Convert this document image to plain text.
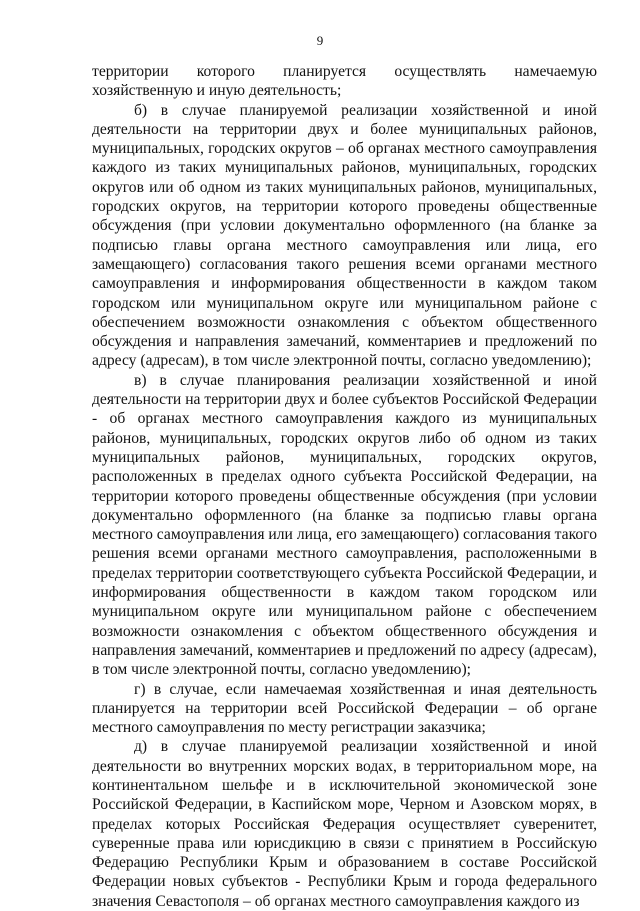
9

территории которого планируется осуществлять намечаемую хозяйственную и иную деятельность;

б) в случае планируемой реализации хозяйственной и иной деятельности на территории двух и более муниципальных районов, муниципальных, городских округов – об органах местного самоуправления каждого из таких муниципальных районов, муниципальных, городских округов или об одном из таких муниципальных районов, муниципальных, городских округов, на территории которого проведены общественные обсуждения (при условии документально оформленного (на бланке за подписью главы органа местного самоуправления или лица, его замещающего) согласования такого решения всеми органами местного самоуправления и информирования общественности в каждом таком городском или муниципальном округе или муниципальном районе с обеспечением возможности ознакомления с объектом общественного обсуждения и направления замечаний, комментариев и предложений по адресу (адресам), в том числе электронной почты, согласно уведомлению);

в) в случае планирования реализации хозяйственной и иной деятельности на территории двух и более субъектов Российской Федерации - об органах местного самоуправления каждого из муниципальных районов, муниципальных, городских округов либо об одном из таких муниципальных районов, муниципальных, городских округов, расположенных в пределах одного субъекта Российской Федерации, на территории которого проведены общественные обсуждения (при условии документально оформленного (на бланке за подписью главы органа местного самоуправления или лица, его замещающего) согласования такого решения всеми органами местного самоуправления, расположенными в пределах территории соответствующего субъекта Российской Федерации, и информирования общественности в каждом таком городском или муниципальном округе или муниципальном районе с обеспечением возможности ознакомления с объектом общественного обсуждения и направления замечаний, комментариев и предложений по адресу (адресам), в том числе электронной почты, согласно уведомлению);

г) в случае, если намечаемая хозяйственная и иная деятельность планируется на территории всей Российской Федерации – об органе местного самоуправления по месту регистрации заказчика;

д) в случае планируемой реализации хозяйственной и иной деятельности во внутренних морских водах, в территориальном море, на континентальном шельфе и в исключительной экономической зоне Российской Федерации, в Каспийском море, Черном и Азовском морях, в пределах которых Российская Федерация осуществляет суверенитет, суверенные права или юрисдикцию в связи с принятием в Российскую Федерацию Республики Крым и образованием в составе Российской Федерации новых субъектов - Республики Крым и города федерального значения Севастополя – об органах местного самоуправления каждого из
